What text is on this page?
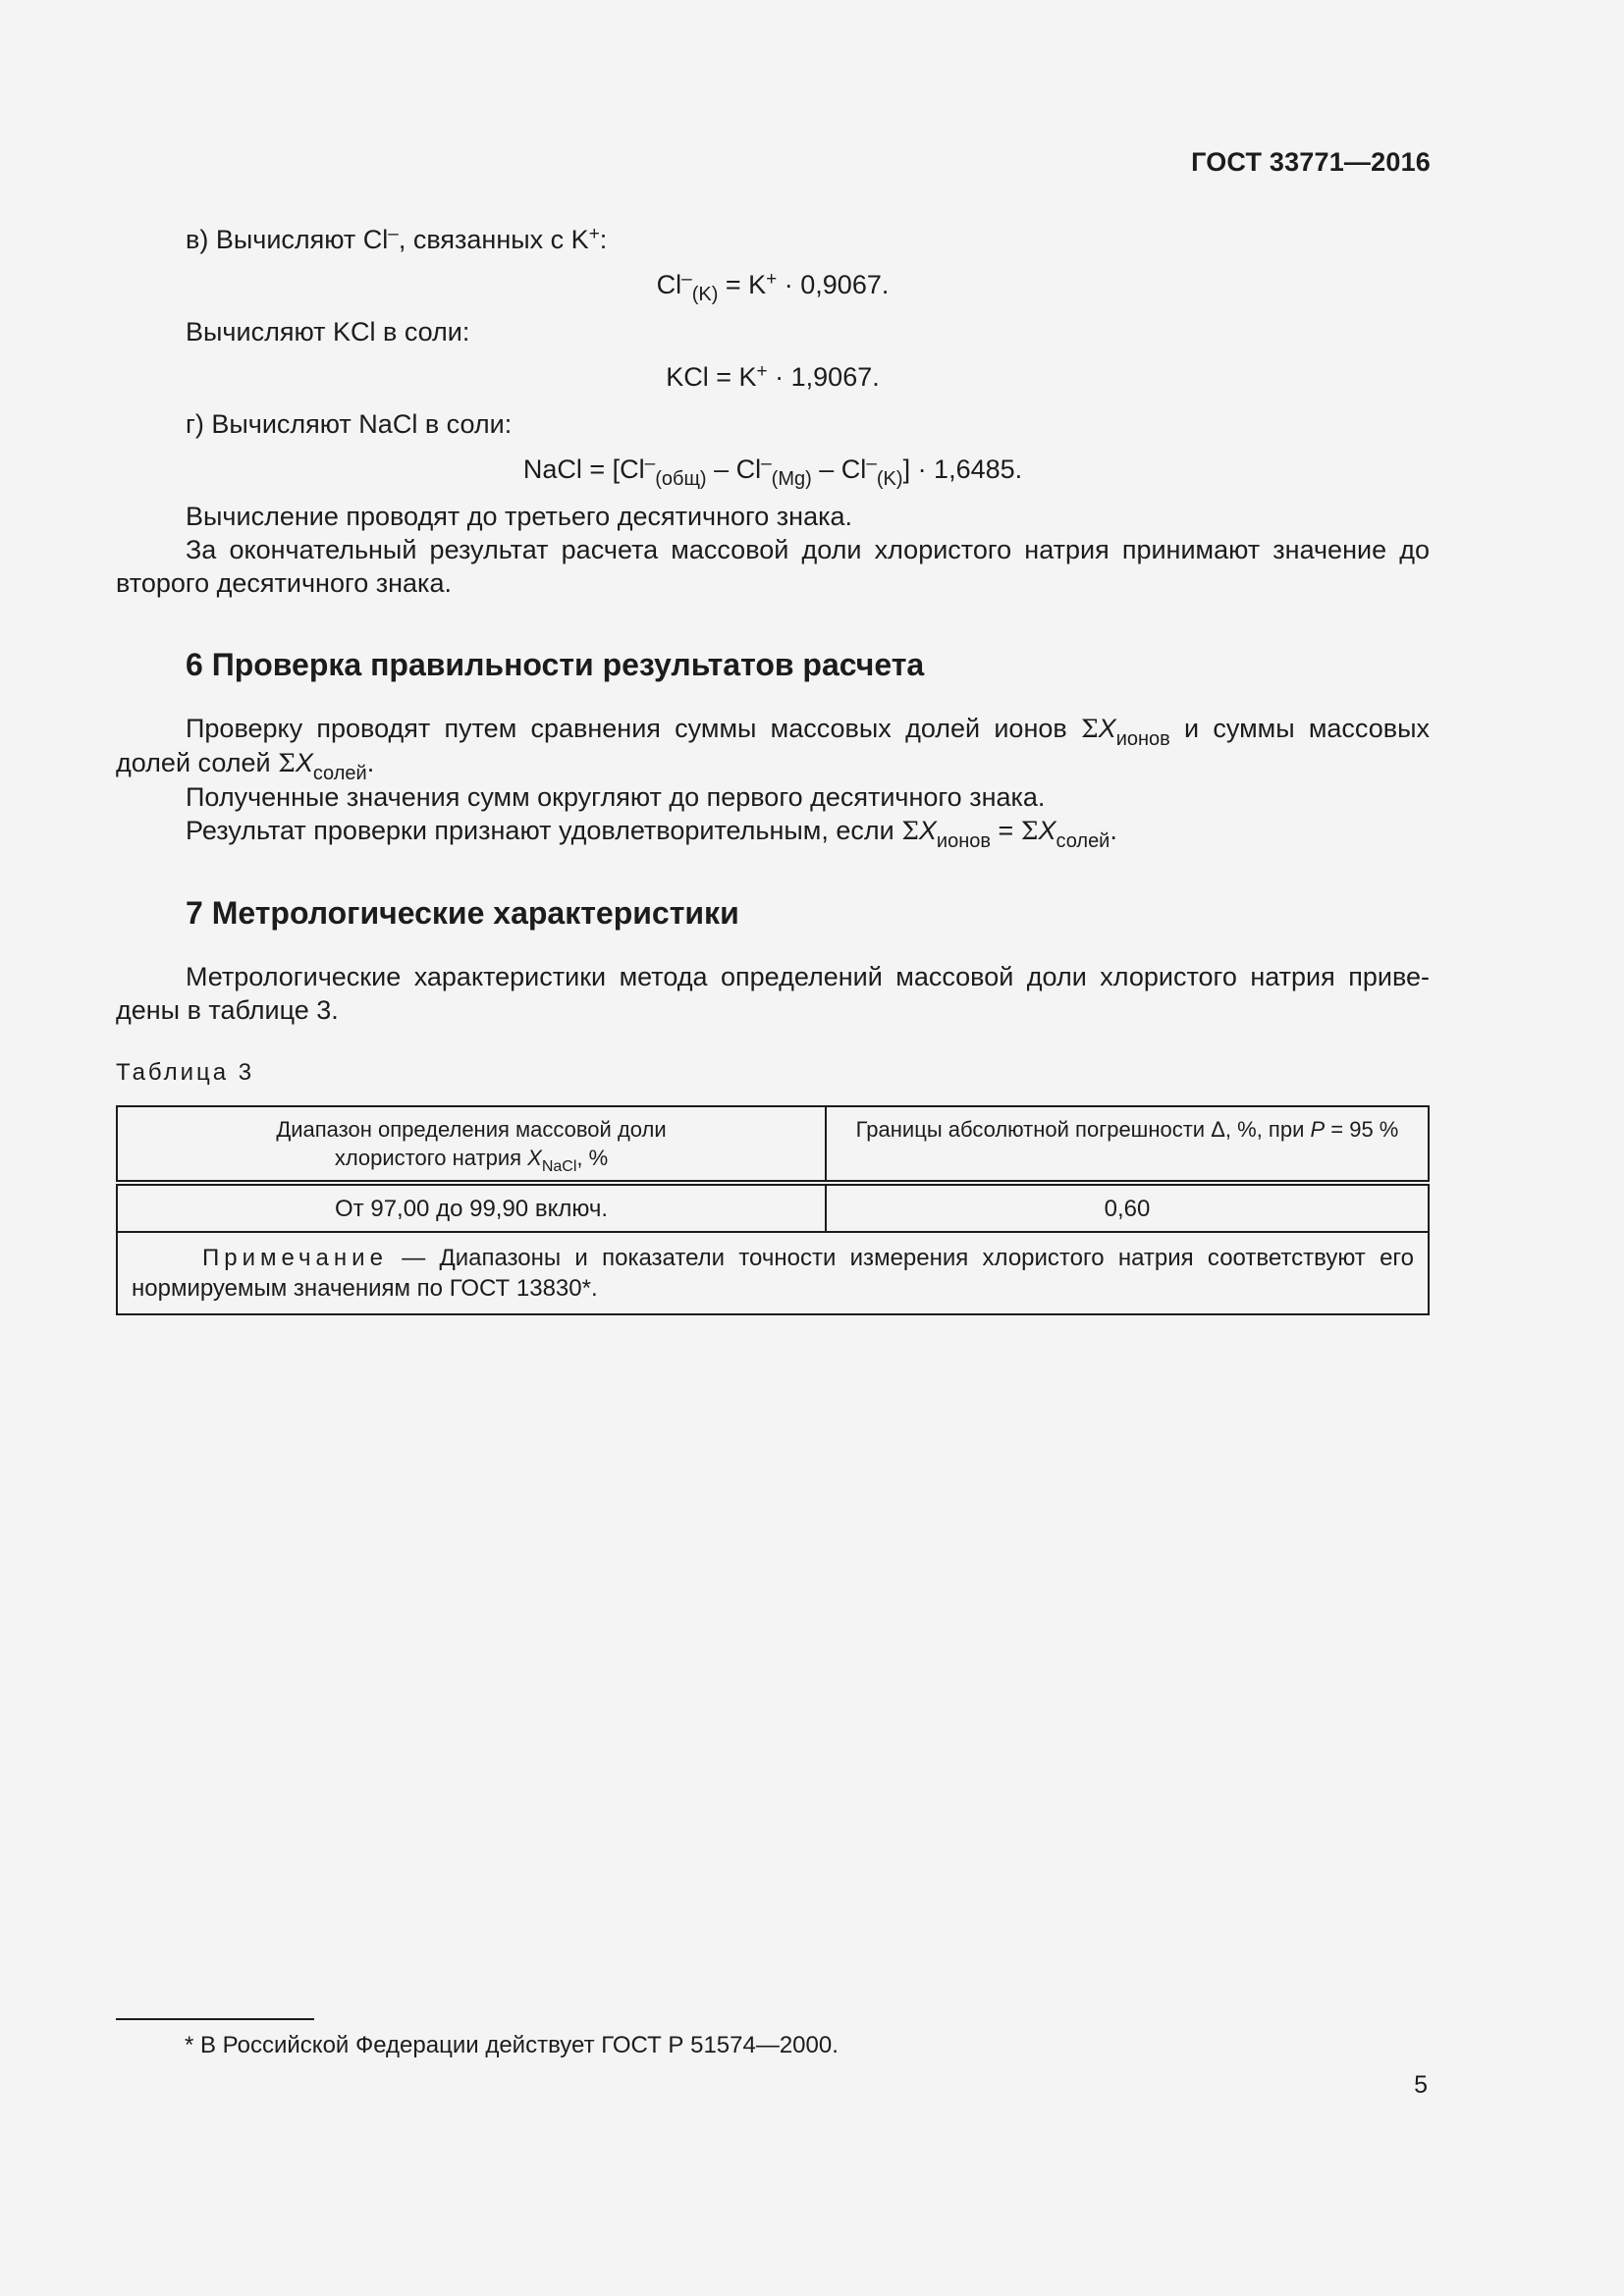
ГОСТ 33771—2016

в) Вычисляют Cl–, связанных с K+:

$Cl^-_{(K)} = K^+ \cdot 0,9067$.

Вычисляют KCl в соли:

KCl = K+ · 1,9067.

г) Вычисляют NaCl в соли:

NaCl = $[Cl^-_{(общ)} - Cl^-_{(Mg)} - Cl^-_{(K)}] \cdot 1,6485$.

Вычисление проводят до третьего десятичного знака.

За окончательный результат расчета массовой доли хлористого натрия принимают значение до второго десятичного знака.

6 Проверка правильности результатов расчета

Проверку проводят путем сравнения суммы массовых долей ионов $\Sigma X_{ионов}$ и суммы массовых долей солей $\Sigma X_{солей}$.

Полученные значения сумм округляют до первого десятичного знака.

Результат проверки признают удовлетворительным, если $\Sigma X_{ионов} = \Sigma X_{солей}$.

7 Метрологические характеристики

Метрологические характеристики метода определений массовой доли хлористого натрия приведены в таблице 3.

Таблица 3
Диапазон определения массовой доли
хлористого натрия $X_{NaCl}$, %	Границы абсолютной погрешности Δ, %, при P = 95 %
От 97,00 до 99,90 включ.	0,60
Примечание — Диапазоны и показатели точности измерения хлористого натрия соответствуют его нормируемым значениям по ГОСТ 13830*.	
* В Российской Федерации действует ГОСТ Р 51574—2000.
5
